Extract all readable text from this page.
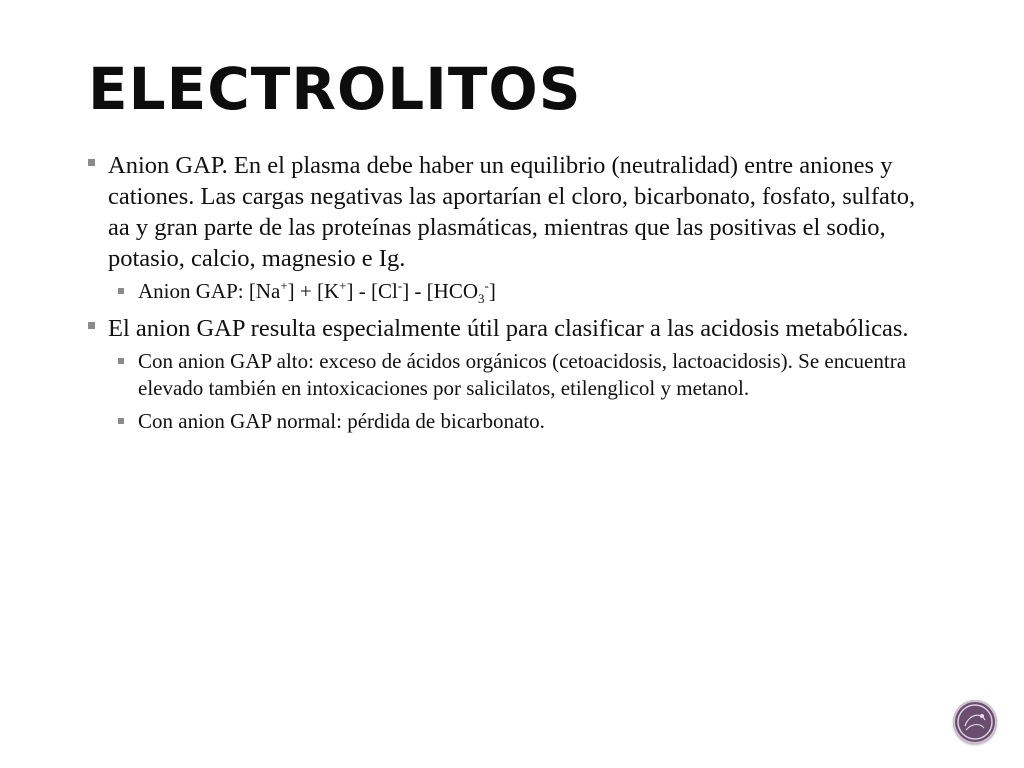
ELECTROLITOS
Anion GAP. En el plasma debe haber un equilibrio (neutralidad) entre aniones y cationes. Las cargas negativas las aportarían el cloro, bicarbonato, fosfato, sulfato, aa y gran parte de las proteínas plasmáticas, mientras que las positivas el sodio, potasio, calcio, magnesio e Ig.
Anion GAP: $[Na^+] + [K^+] - [Cl^-] - [HCO_3^-]$
El anion GAP resulta especialmente útil para clasificar a las acidosis metabólicas.
Con anion GAP alto: exceso de ácidos orgánicos (cetoacidosis, lactoacidosis). Se encuentra elevado también en intoxicaciones por salicilatos, etilenglicol y metanol.
Con anion GAP normal: pérdida de bicarbonato.
